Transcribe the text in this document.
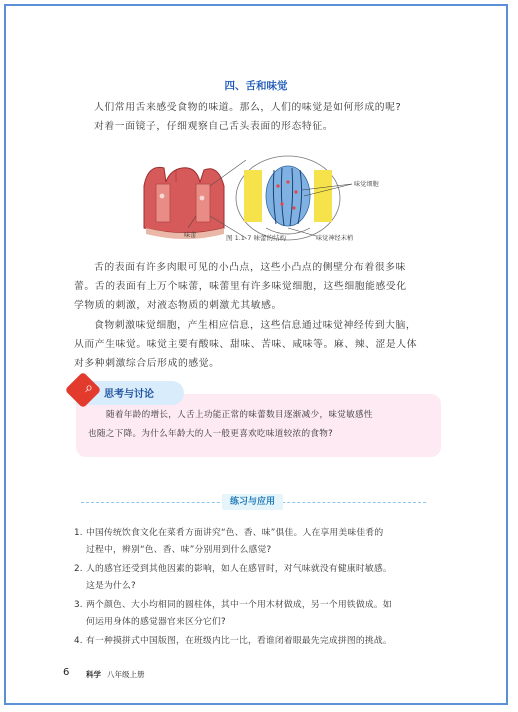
四、舌和味觉
人们常用舌来感受食物的味道。那么，人们的味觉是如何形成的呢?
对着一面镜子，仔细观察自己舌头表面的形态特征。
味觉细胞
味觉神经末梢
味蕾	图 1.1-7 味蕾的结构
舌的表面有许多肉眼可见的小凸点，这些小凸点的侧壁分布着很多味
蕾。舌的表面有上万个味蕾，味蕾里有许多味觉细胞，这些细胞能感受化
学物质的刺激，对液态物质的刺激尤其敏感。
食物刺激味觉细胞，产生相应信息，这些信息通过味觉神经传到大脑，
从而产生味觉。味觉主要有酸味、甜味、苦味、咸味等。麻、辣、涩是人体
对多种刺激综合后形成的感觉。
随着年龄的增长，人舌上功能正常的味蕾数目逐渐减少，味觉敏感性
也随之下降。为什么年龄大的人一般更喜欢吃味道较浓的食物?
⌕	思考与讨论
练习与应用
1. 中国传统饮食文化在菜肴方面讲究“色、香、味”俱佳。人在享用美味佳肴的
过程中，辨别“色、香、味”分别用到什么感觉?
2. 人的感官还受到其他因素的影响，如人在感冒时，对气味就没有健康时敏感。
这是为什么?
3. 两个颜色、大小均相同的圆柱体，其中一个用木材做成，另一个用铁做成。如
何运用身体的感觉器官来区分它们?
4. 有一种摸拼式中国版图，在班级内比一比，看谁闭着眼最先完成拼图的挑战。
6 科学 八年级上册
